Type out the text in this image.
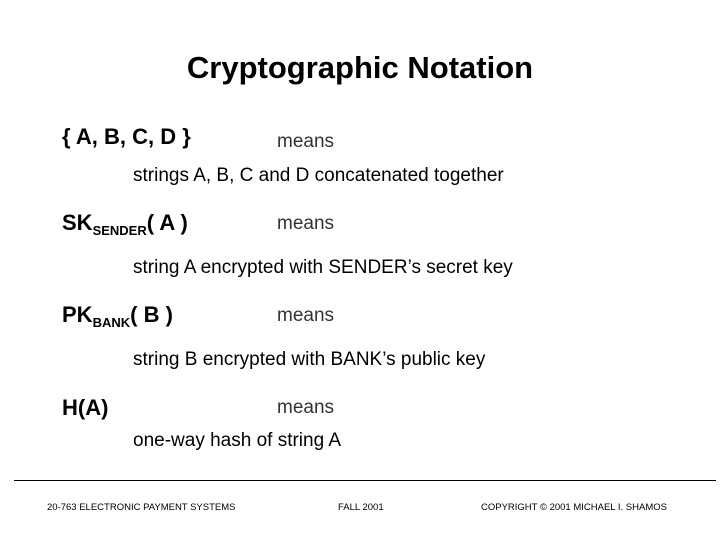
Cryptographic Notation
{ A, B, C, D }	means
strings A, B, C and D concatenated together
$SK_{SENDER}$( A )	means
string A encrypted with SENDER’s secret key
$PK_{BANK}$( B )	means
string B encrypted with BANK’s public key
H(A)	means
one-way hash of string A
20-763 ELECTRONIC PAYMENT SYSTEMS	FALL 2001	COPYRIGHT © 2001 MICHAEL I. SHAMOS
